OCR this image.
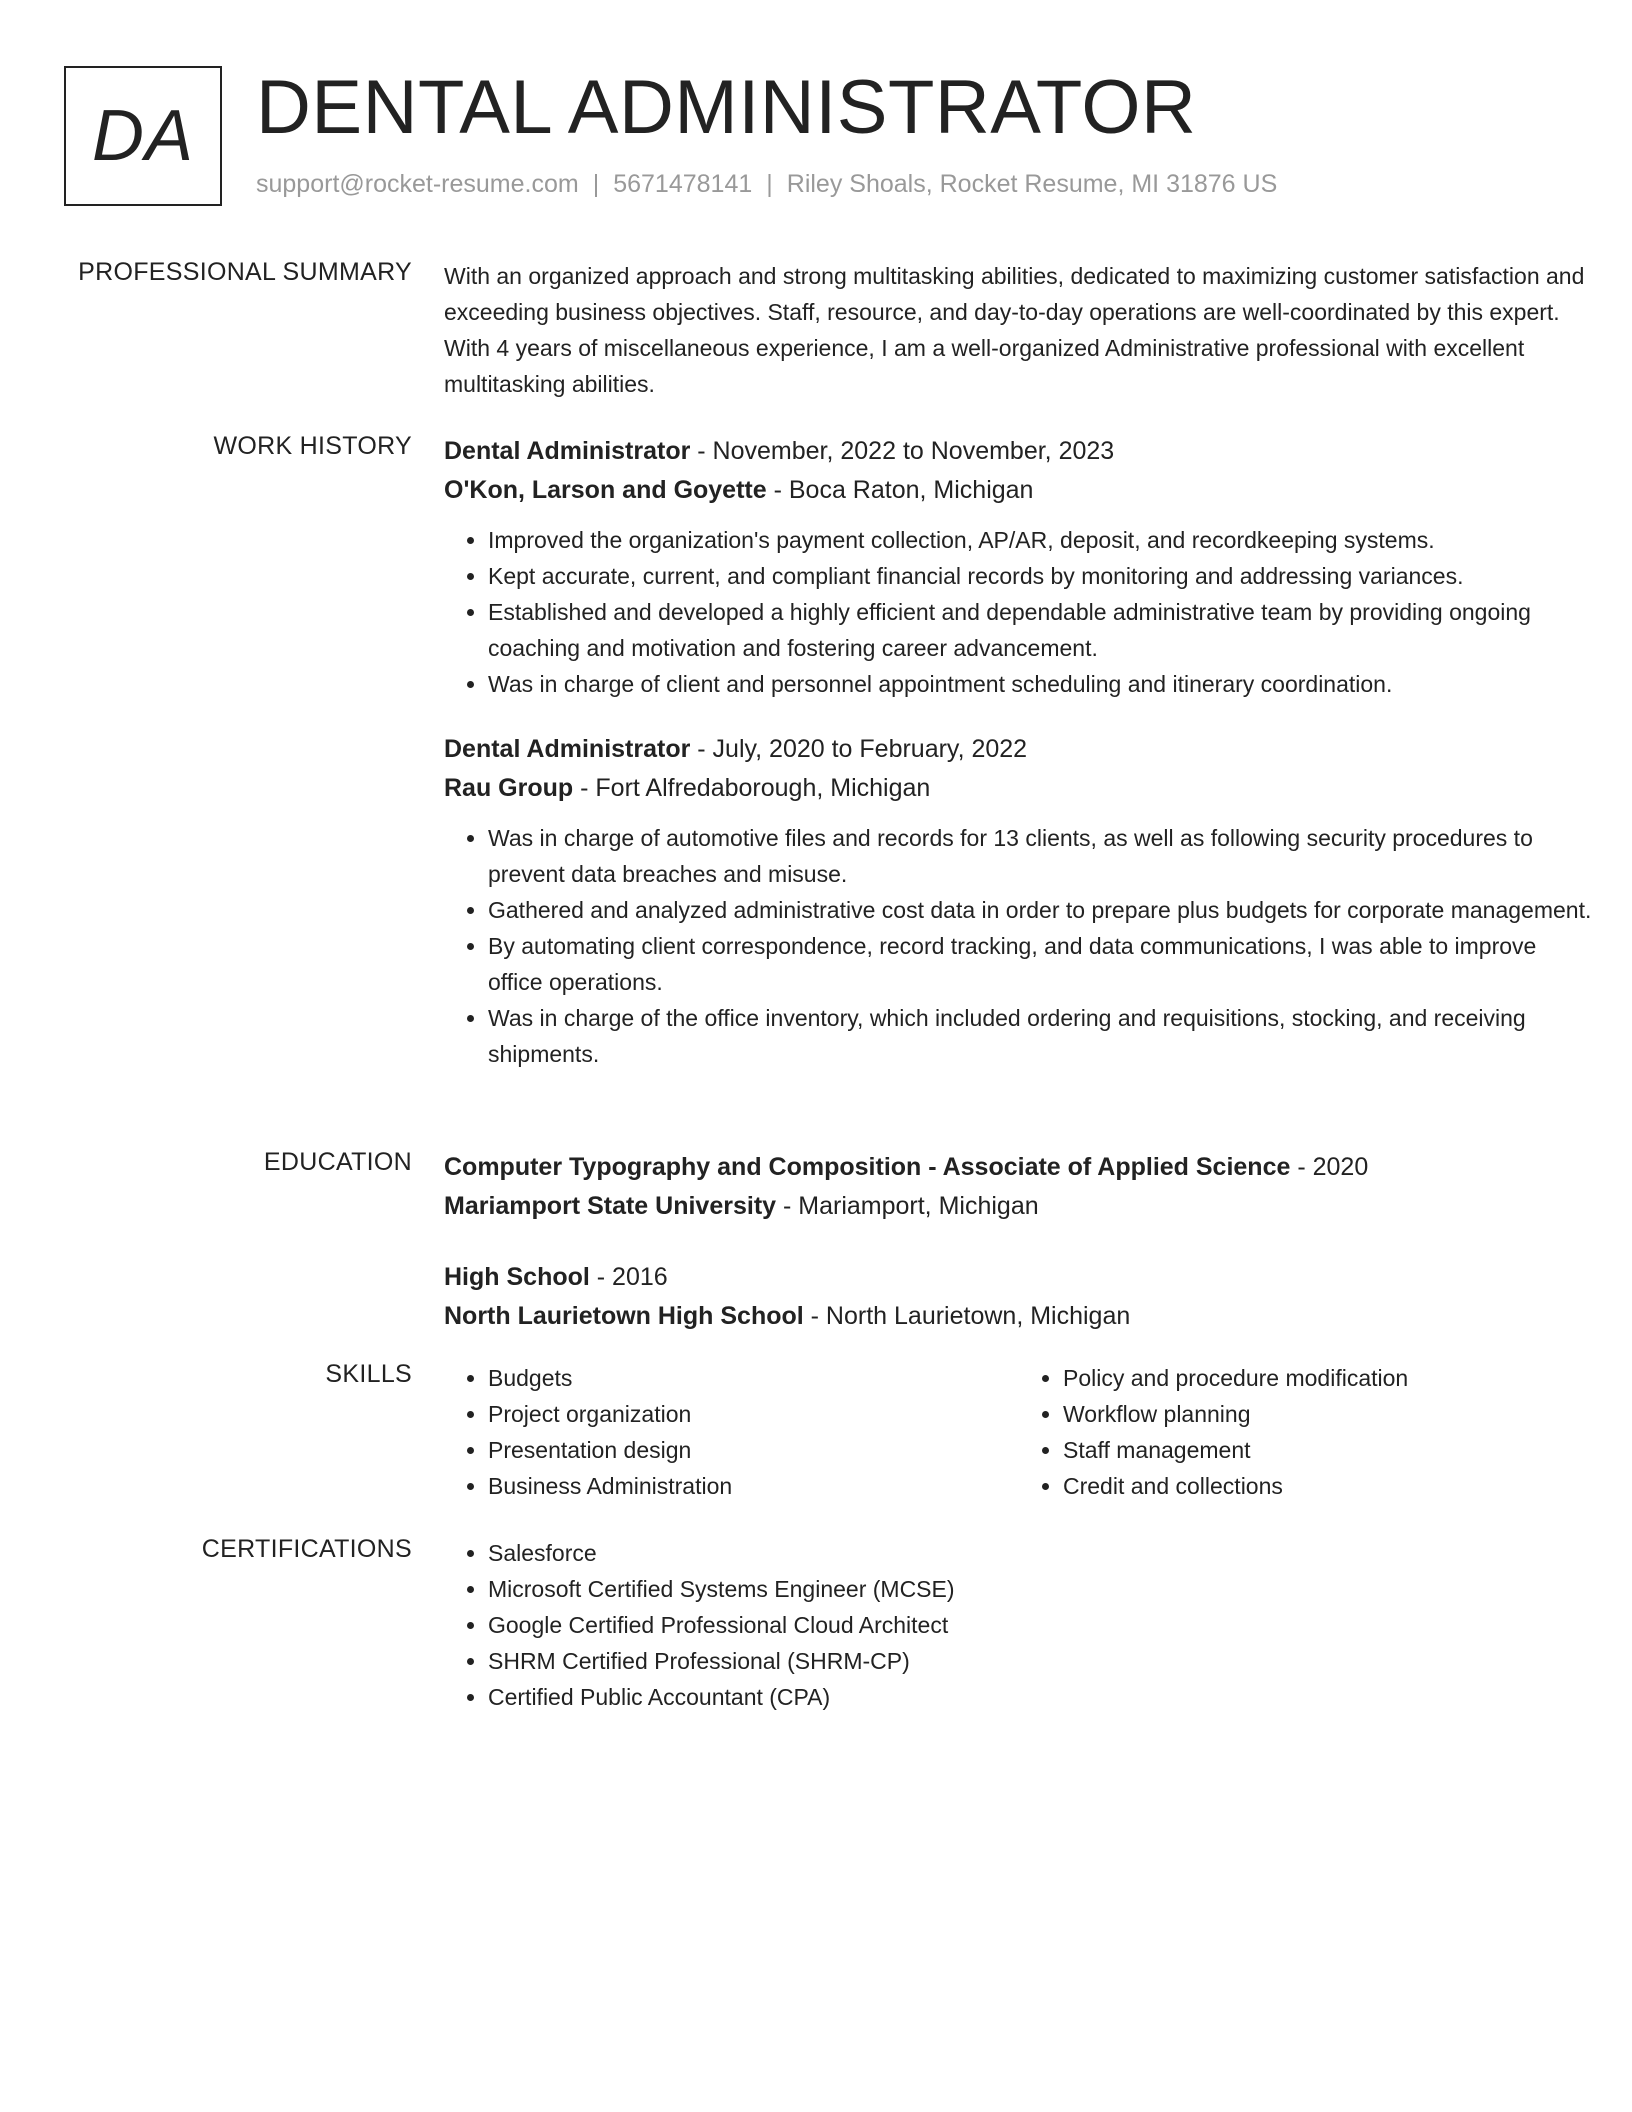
DA DENTAL ADMINISTRATOR
support@rocket-resume.com | 5671478141 | Riley Shoals, Rocket Resume, MI 31876 US
PROFESSIONAL SUMMARY With an organized approach and strong multitasking abilities, dedicated to maximizing customer satisfaction and exceeding business objectives. Staff, resource, and day-to-day operations are well-coordinated by this expert. With 4 years of miscellaneous experience, I am a well-organized Administrative professional with excellent multitasking abilities.

WORK HISTORY Dental Administrator - November, 2022 to November, 2023

O'Kon, Larson and Goyette - Boca Raton, Michigan

• Improved the organization's payment collection, AP/AR, deposit, and recordkeeping systems.
• Kept accurate, current, and compliant financial records by monitoring and addressing variances.
• Established and developed a highly efficient and dependable administrative team by providing ongoing coaching and motivation and fostering career advancement.
• Was in charge of client and personnel appointment scheduling and itinerary coordination.

Dental Administrator - July, 2020 to February, 2022

Rau Group - Fort Alfredaborough, Michigan

• Was in charge of automotive files and records for 13 clients, as well as following security procedures to prevent data breaches and misuse.
• Gathered and analyzed administrative cost data in order to prepare plus budgets for corporate management.
• By automating client correspondence, record tracking, and data communications, I was able to improve office operations.
• Was in charge of the office inventory, which included ordering and requisitions, stocking, and receiving shipments.
EDUCATION Computer Typography and Composition - Associate of Applied Science - 2020

Mariamport State University - Mariamport, Michigan

High School - 2016

North Laurietown High School - North Laurietown, Michigan

SKILLS	• Budgets
• Project organization
• Presentation design
• Business Administration
• Policy and procedure modification
• Workflow planning
• Staff management
• Credit and collections
CERTIFICATIONS	• Salesforce
• Microsoft Certified Systems Engineer (MCSE)
• Google Certified Professional Cloud Architect
• SHRM Certified Professional (SHRM-CP)
• Certified Public Accountant (CPA)
